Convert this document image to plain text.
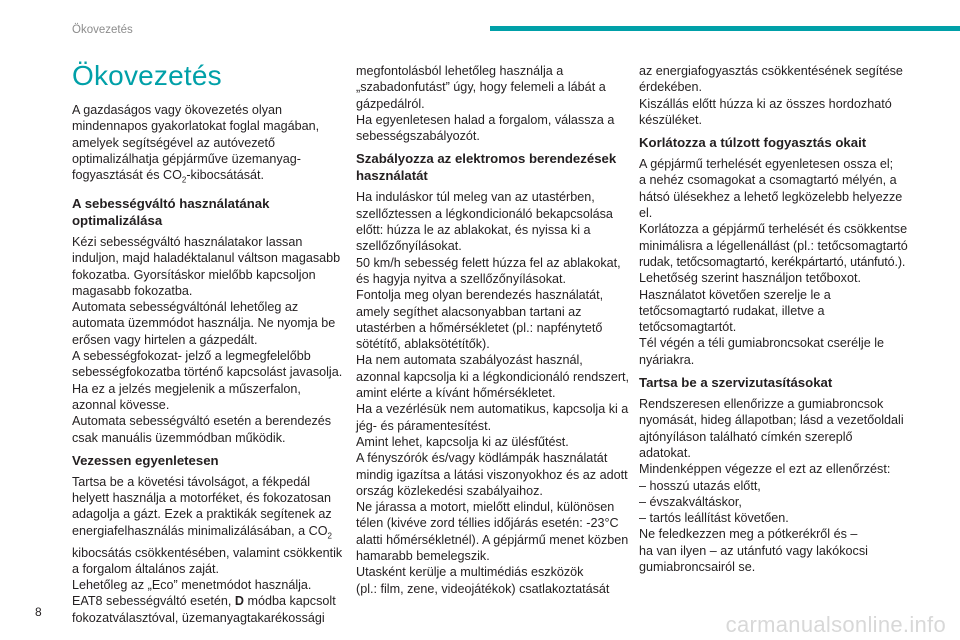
Ökovezetés
Ökovezetés

A gazdaságos vagy ökovezetés olyan
mindennapos gyakorlatokat foglal magában,
amelyek segítségével az autóvezető
optimalizálhatja gépjárműve üzemanyag-
fogyasztását és $CO_2$-kibocsátását.

A sebességváltó használatának
optimalizálása

Kézi sebességváltó használatakor lassan
induljon, majd haladéktalanul váltson magasabb
fokozatba. Gyorsításkor mielőbb kapcsoljon
magasabb fokozatba.
Automata sebességváltónál lehetőleg az
automata üzemmódot használja. Ne nyomja be
erősen vagy hirtelen a gázpedált.
A sebességfokozat- jelző a legmegfelelőbb
sebességfokozatba történő kapcsolást javasolja.
Ha ez a jelzés megjelenik a műszerfalon,
azonnal kövesse.
Automata sebességváltó esetén a berendezés
csak manuális üzemmódban működik.

Vezessen egyenletesen

Tartsa be a követési távolságot, a fékpedál
helyett használja a motorféket, és fokozatosan
adagolja a gázt. Ezek a praktikák segítenek az
energiafelhasználás minimalizálásában, a $CO_2$
kibocsátás csökkentésében, valamint csökkentik
a forgalom általános zaját.
Lehetőleg az „Eco” menetmódot használja.
EAT8 sebességváltó esetén, D módba kapcsolt
fokozatválasztóval, üzemanyagtakarékossági

megfontolásból lehetőleg használja a
„szabadonfutást” úgy, hogy felemeli a lábát a
gázpedálról.
Ha egyenletesen halad a forgalom, válassza a
sebességszabályozót.

Szabályozza az elektromos berendezések
használatát

Ha induláskor túl meleg van az utastérben,
szellőztessen a légkondicionáló bekapcsolása
előtt: húzza le az ablakokat, és nyissa ki a
szellőzőnyílásokat.
50 km/h sebesség felett húzza fel az ablakokat,
és hagyja nyitva a szellőzőnyílásokat.
Fontolja meg olyan berendezés használatát,
amely segíthet alacsonyabban tartani az
utastérben a hőmérsékletet (pl.: napfénytető
sötétítő, ablaksötétítők).
Ha nem automata szabályozást használ,
azonnal kapcsolja ki a légkondicionáló rendszert,
amint elérte a kívánt hőmérsékletet.
Ha a vezérlésük nem automatikus, kapcsolja ki a
jég- és páramentesítést.
Amint lehet, kapcsolja ki az ülésfűtést.
A fényszórók és/vagy ködlámpák használatát
mindig igazítsa a látási viszonyokhoz és az adott
ország közlekedési szabályaihoz.
Ne járassa a motort, mielőtt elindul, különösen
télen (kivéve zord téllies időjárás esetén: -23°C
alatti hőmérsékletnél). A gépjármű menet közben
hamarabb bemelegszik.
Utasként kerülje a multimédiás eszközök
(pl.: film, zene, videojátékok) csatlakoztatását

az energiafogyasztás csökkentésének segítése
érdekében.
Kiszállás előtt húzza ki az összes hordozható
készüléket.

Korlátozza a túlzott fogyasztás okait

A gépjármű terhelését egyenletesen ossza el;
a nehéz csomagokat a csomagtartó mélyén, a
hátsó ülésekhez a lehető legközelebb helyezze
el.
Korlátozza a gépjármű terhelését és csökkentse
minimálisra a légellenállást (pl.: tetőcsomagtartó
rudak, tetőcsomagtartó, kerékpártartó, utánfutó.).
Lehetőség szerint használjon tetőboxot.
Használatot követően szerelje le a
tetőcsomagtartó rudakat, illetve a
tetőcsomagtartót.
Tél végén a téli gumiabroncsokat cserélje le
nyáriakra.

Tartsa be a szervizutasításokat

Rendszeresen ellenőrizze a gumiabroncsok
nyomását, hideg állapotban; lásd a vezetőoldali
ajtónyíláson található címkén szereplő
adatokat.
Mindenképpen végezze el ezt az ellenőrzést:
– hosszú utazás előtt,
– évszakváltáskor,
– tartós leállítást követően.
Ne feledkezzen meg a pótkerékről és –
ha van ilyen – az utánfutó vagy lakókocsi
gumiabroncsairól se.

8	carmanualsonline.info
